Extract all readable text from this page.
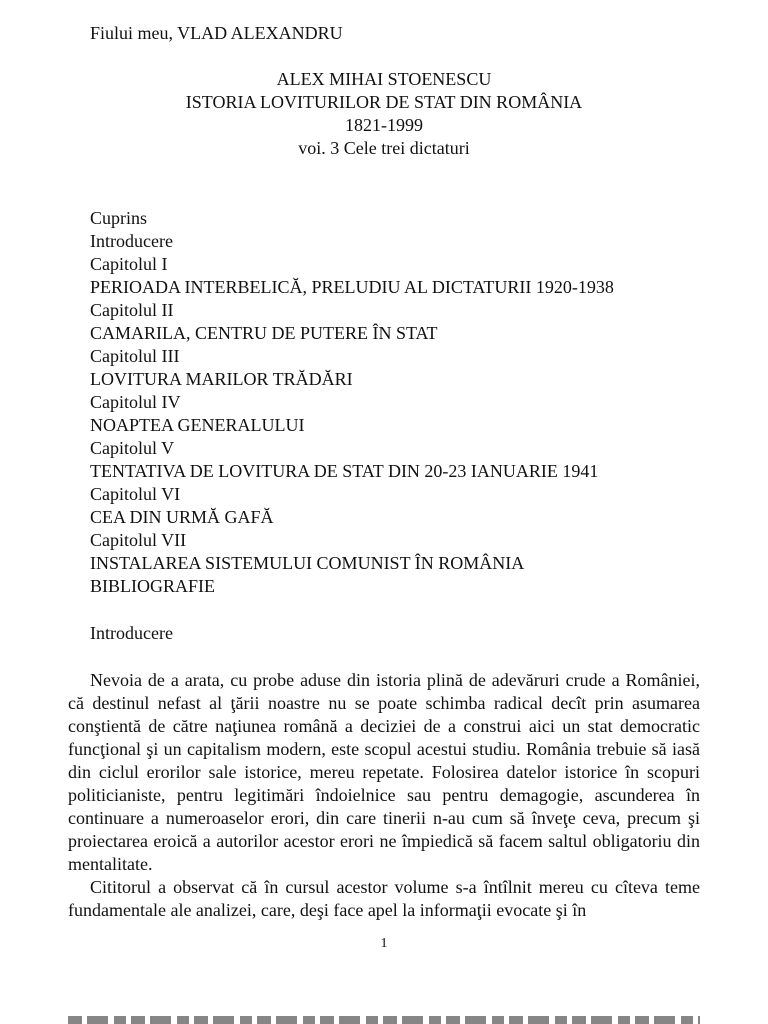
Fiului meu, VLAD ALEXANDRU
ALEX MIHAI STOENESCU
ISTORIA LOVITURILOR DE STAT DIN ROMÂNIA
1821-1999
voi. 3 Cele trei dictaturi
Cuprins
Introducere
Capitolul I
PERIOADA INTERBELICĂ, PRELUDIU AL DICTATURII 1920-1938
Capitolul II
CAMARILA, CENTRU DE PUTERE ÎN STAT
Capitolul III
LOVITURA MARILOR TRĂDĂRI
Capitolul IV
NOAPTEA GENERALULUI
Capitolul V
TENTATIVA DE LOVITURA DE STAT DIN 20-23 IANUARIE 1941
Capitolul VI
CEA DIN URMĂ GAFĂ
Capitolul VII
INSTALAREA SISTEMULUI COMUNIST ÎN ROMÂNIA
BIBLIOGRAFIE
Introducere

Nevoia de a arata, cu probe aduse din istoria plină de adevăruri crude a României, că destinul nefast al ţării noastre nu se poate schimba radical decît prin asumarea conştientă de către naţiunea română a deciziei de a construi aici un stat democratic funcţional şi un capitalism modern, este scopul acestui studiu. România trebuie să iasă din ciclul erorilor sale istorice, mereu repetate. Folosirea datelor istorice în scopuri politicianiste, pentru legitimări îndoielnice sau pentru demagogie, ascunderea în continuare a numeroaselor erori, din care tinerii n-au cum să înveţe ceva, precum şi proiectarea eroică a autorilor acestor erori ne împiedică să facem saltul obligatoriu din mentalitate.

Cititorul a observat că în cursul acestor volume s-a întîlnit mereu cu cîteva teme fundamentale ale analizei, care, deşi face apel la informaţii evocate şi în

1
